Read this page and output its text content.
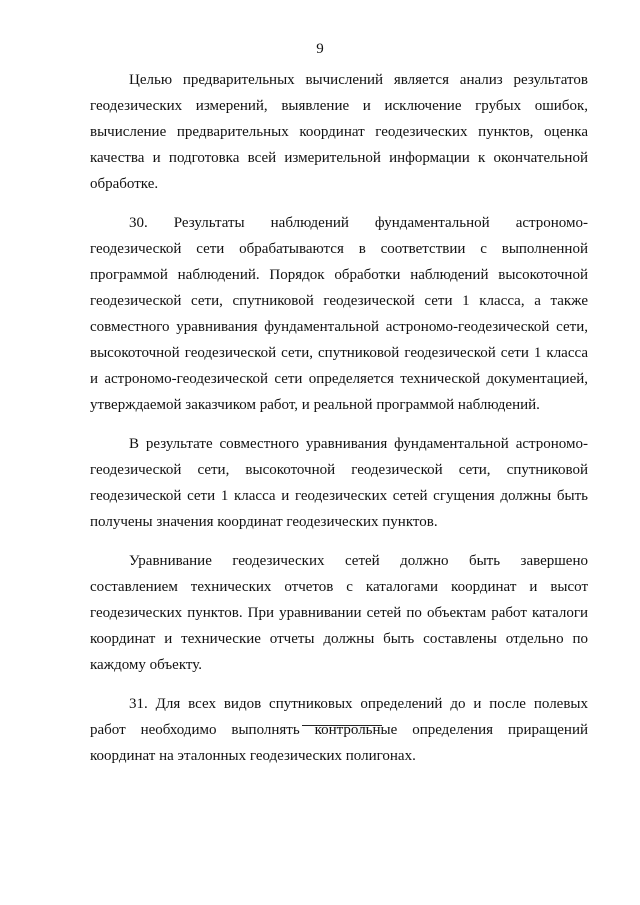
9

Целью предварительных вычислений является анализ результатов геодезических измерений, выявление и исключение грубых ошибок, вычисление предварительных координат геодезических пунктов, оценка качества и подготовка всей измерительной информации к окончательной обработке.

30. Результаты наблюдений фундаментальной астрономо-геодезической сети обрабатываются в соответствии с выполненной программой наблюдений. Порядок обработки наблюдений высокоточной геодезической сети, спутниковой геодезической сети 1 класса, а также совместного уравнивания фундаментальной астрономо-геодезической сети, высокоточной геодезической сети, спутниковой геодезической сети 1 класса и астрономо-геодезической сети определяется технической документацией, утверждаемой заказчиком работ, и реальной программой наблюдений.

В результате совместного уравнивания фундаментальной астрономо-геодезической сети, высокоточной геодезической сети, спутниковой геодезической сети 1 класса и геодезических сетей сгущения должны быть получены значения координат геодезических пунктов.

Уравнивание геодезических сетей должно быть завершено составлением технических отчетов с каталогами координат и высот геодезических пунктов. При уравнивании сетей по объектам работ каталоги координат и технические отчеты должны быть составлены отдельно по каждому объекту.

31. Для всех видов спутниковых определений до и после полевых работ необходимо выполнять контрольные определения приращений координат на эталонных геодезических полигонах.
